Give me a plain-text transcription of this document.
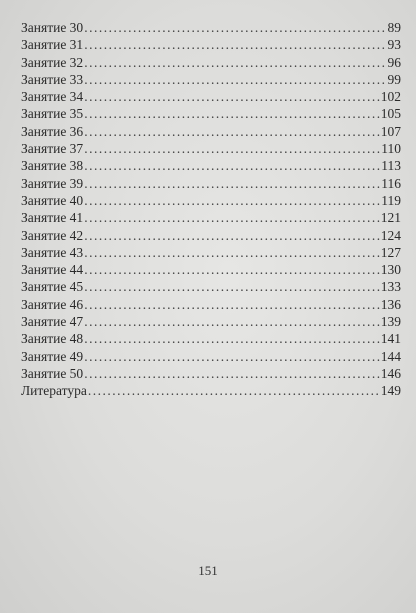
Занятие 30 .....	89
Занятие 31 .....	93
Занятие 32 .....	96
Занятие 33 .....	99
Занятие 34 .....	102
Занятие 35 .....	105
Занятие 36 .....	107
Занятие 37 .....	110
Занятие 38 .....	113
Занятие 39 .....	116
Занятие 40 .....	119
Занятие 41 .....	121
Занятие 42 .....	124
Занятие 43 .....	127
Занятие 44 .....	130
Занятие 45 .....	133
Занятие 46 .....	136
Занятие 47 .....	139
Занятие 48 .....	141
Занятие 49 .....	144
Занятие 50 .....	146
Литература .....	149
151
